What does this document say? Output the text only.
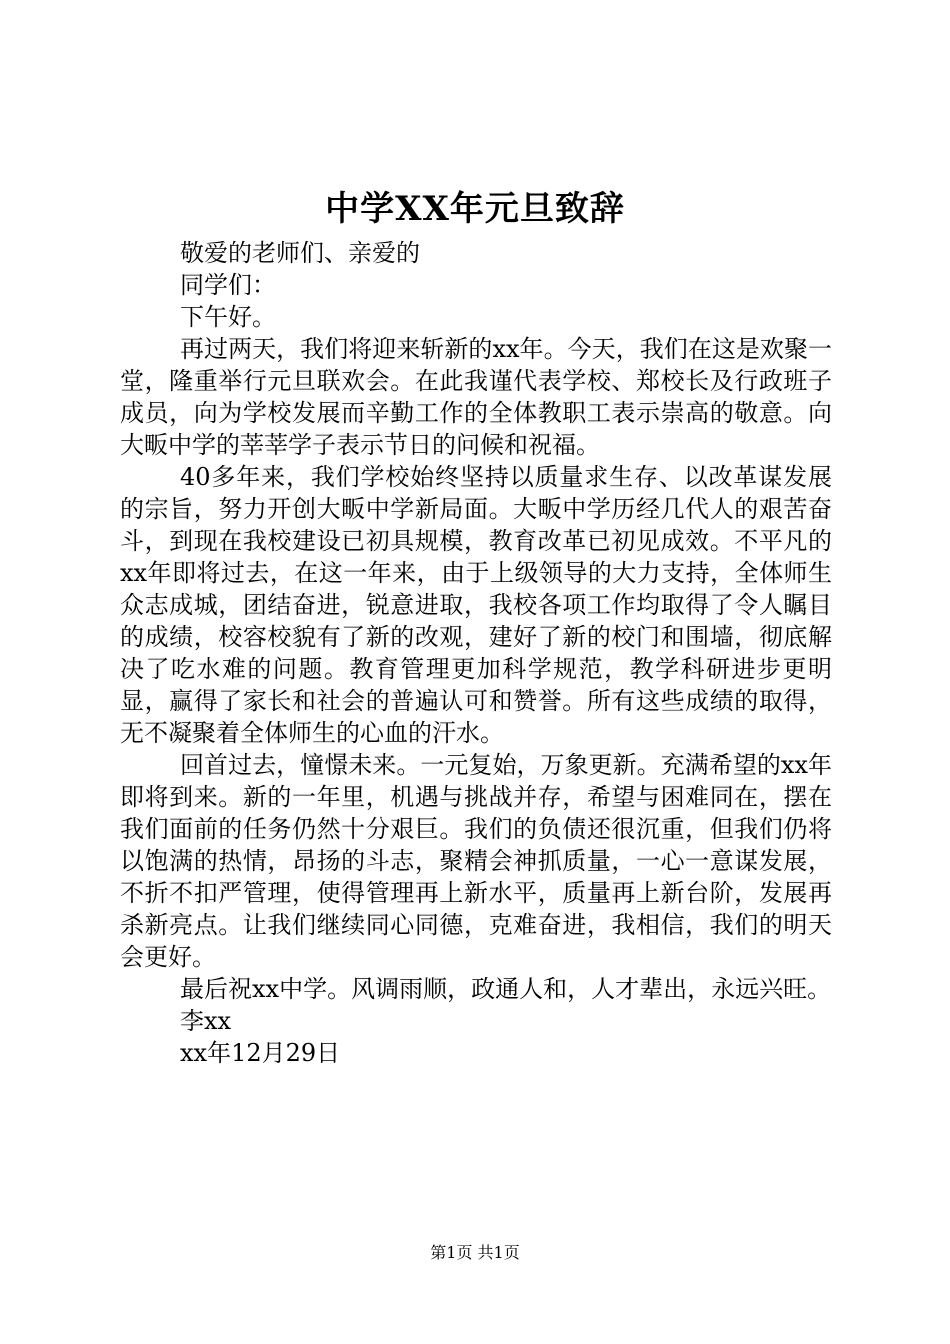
中学XX年元旦致辞

敬爱的老师们、亲爱的

同学们：

下午好。

再过两天，我们将迎来斩新的xx年。今天，我们在这是欢聚一堂，隆重举行元旦联欢会。在此我谨代表学校、郑校长及行政班子成员，向为学校发展而辛勤工作的全体教职工表示崇高的敬意。向大畈中学的莘莘学子表示节日的问候和祝福。

40多年来，我们学校始终坚持以质量求生存、以改革谋发展的宗旨，努力开创大畈中学新局面。大畈中学历经几代人的艰苦奋斗，到现在我校建设已初具规模，教育改革已初见成效。不平凡的xx年即将过去，在这一年来，由于上级领导的大力支持，全体师生众志成城，团结奋进，锐意进取，我校各项工作均取得了令人瞩目的成绩，校容校貌有了新的改观，建好了新的校门和围墙，彻底解决了吃水难的问题。教育管理更加科学规范，教学科研进步更明显，赢得了家长和社会的普遍认可和赞誉。所有这些成绩的取得，无不凝聚着全体师生的心血的汗水。

回首过去，憧憬未来。一元复始，万象更新。充满希望的xx年即将到来。新的一年里，机遇与挑战并存，希望与困难同在，摆在我们面前的任务仍然十分艰巨。我们的负债还很沉重，但我们仍将以饱满的热情，昂扬的斗志，聚精会神抓质量，一心一意谋发展，不折不扣严管理，使得管理再上新水平，质量再上新台阶，发展再杀新亮点。让我们继续同心同德，克难奋进，我相信，我们的明天会更好。

最后祝xx中学。风调雨顺，政通人和，人才辈出，永远兴旺。

李xx

xx年12月29日

第1页 共1页
